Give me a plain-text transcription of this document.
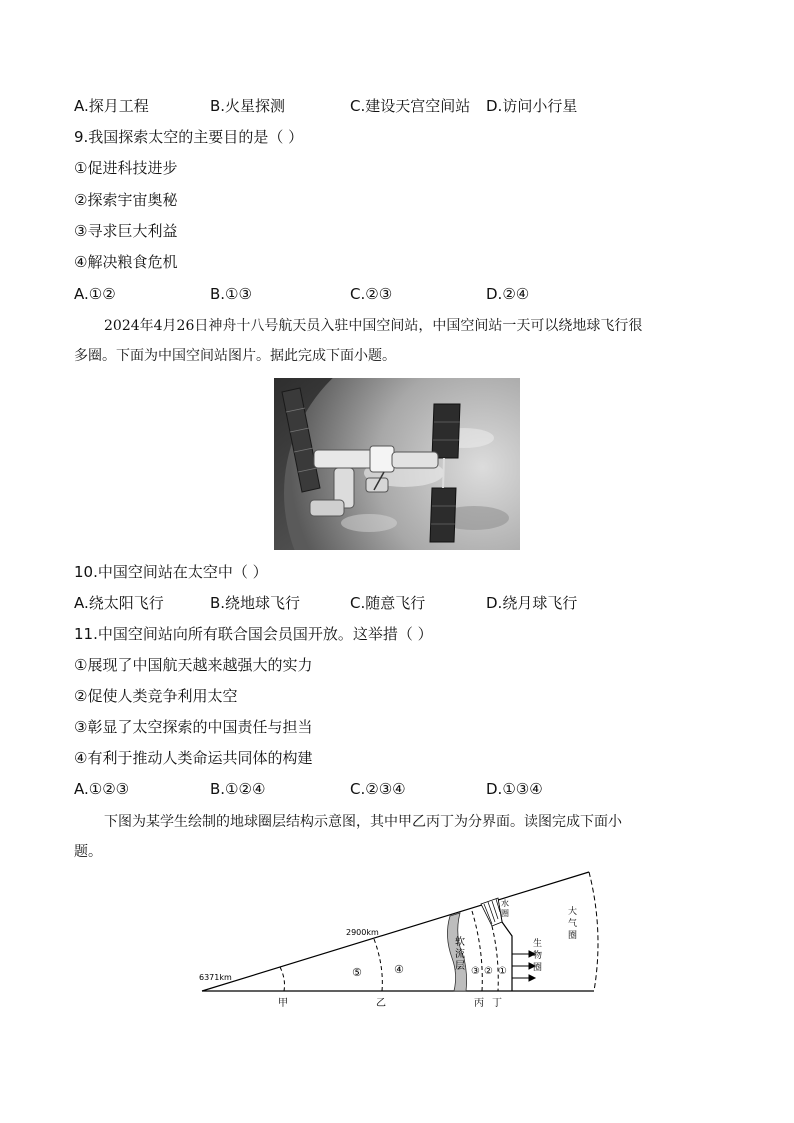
A.探月工程	B.火星探测	C.建设天宫空间站 D.访问小行星
9.我国探索太空的主要目的是（ ）
①促进科技进步
②探索宇宙奥秘
③寻求巨大利益
④解决粮食危机
A.①②	B.①③	C.②③	D.②④
2024年4月26日神舟十八号航天员入驻中国空间站，中国空间站一天可以绕地球飞行很
多圈。下面为中国空间站图片。据此完成下面小题。
10.中国空间站在太空中（ ）
A.绕太阳飞行	B.绕地球飞行	C.随意飞行	D.绕月球飞行
11.中国空间站向所有联合国会员国开放。这举措（ ）
①展现了中国航天越来越强大的实力
②促使人类竞争利用太空
③彰显了太空探索的中国责任与担当
④有利于推动人类命运共同体的构建
A.①②③	B.①②④	C.②③④	D.①③④
下图为某学生绘制的地球圈层结构示意图，其中甲乙丙丁为分界面。读图完成下面小
题。
6371km
2900km
⑤	④	③ ② ①
软
流
层
水
圈
生
物
圈
大
气
圈
甲	乙	丙 丁
